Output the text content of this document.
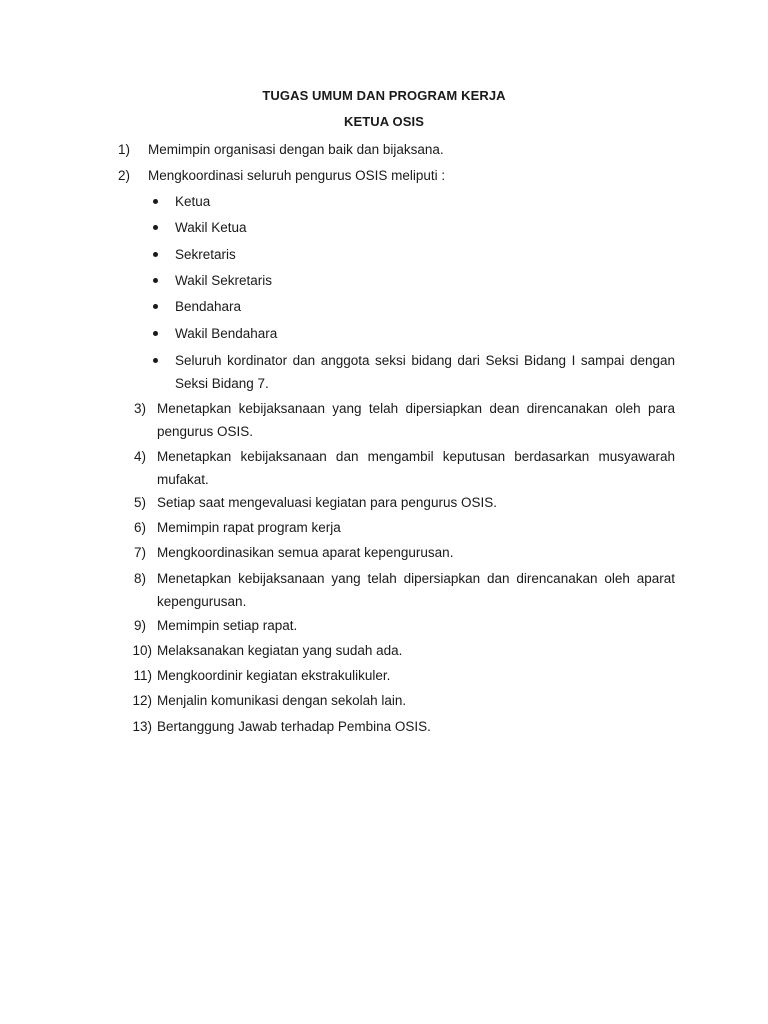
TUGAS UMUM DAN PROGRAM KERJA
KETUA OSIS
1)	Memimpin organisasi dengan baik dan bijaksana.
2)	Mengkoordinasi seluruh pengurus OSIS meliputi :
Ketua
Wakil Ketua
Sekretaris
Wakil Sekretaris
Bendahara
Wakil Bendahara
Seluruh kordinator dan anggota seksi bidang dari Seksi Bidang I sampai dengan Seksi Bidang 7.
3) Menetapkan kebijaksanaan yang telah dipersiapkan dean direncanakan oleh para pengurus OSIS.
4) Menetapkan kebijaksanaan dan mengambil keputusan berdasarkan musyawarah mufakat.
5) Setiap saat mengevaluasi kegiatan para pengurus OSIS.
6) Memimpin rapat program kerja
7) Mengkoordinasikan semua aparat kepengurusan.
8) Menetapkan kebijaksanaan yang telah dipersiapkan dan direncanakan oleh aparat kepengurusan.
9) Memimpin setiap rapat.
10) Melaksanakan kegiatan yang sudah ada.
11) Mengkoordinir kegiatan ekstrakulikuler.
12) Menjalin komunikasi dengan sekolah lain.
13) Bertanggung Jawab terhadap Pembina OSIS.
